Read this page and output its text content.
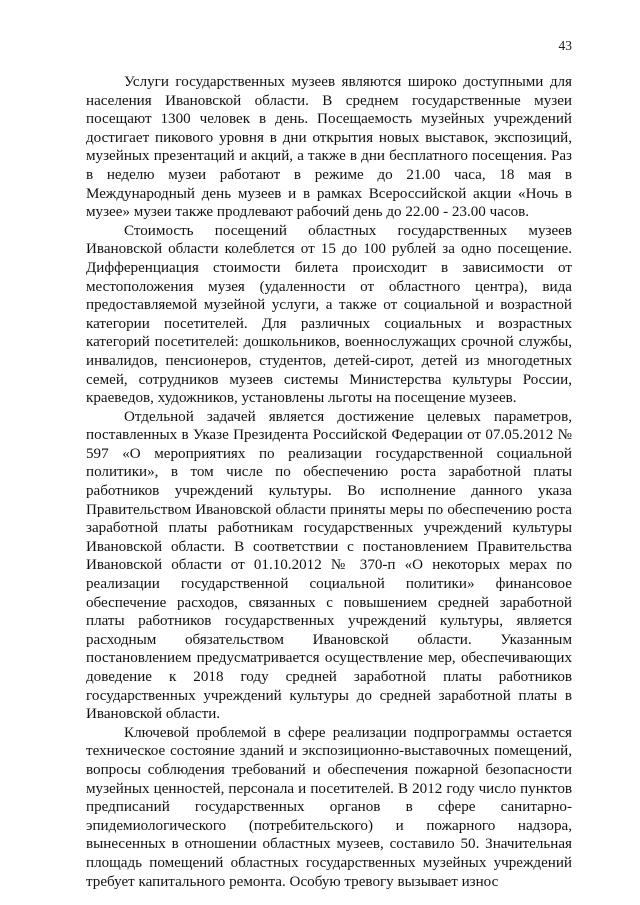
43

Услуги государственных музеев являются широко доступными для населения Ивановской области. В среднем государственные музеи посещают 1300 человек в день. Посещаемость музейных учреждений достигает пикового уровня в дни открытия новых выставок, экспозиций, музейных презентаций и акций, а также в дни бесплатного посещения. Раз в неделю музеи работают в режиме до 21.00 часа, 18 мая в Международный день музеев и в рамках Всероссийской акции «Ночь в музее» музеи также продлевают рабочий день до 22.00 - 23.00 часов.

Стоимость посещений областных государственных музеев Ивановской области колеблется от 15 до 100 рублей за одно посещение. Дифференциация стоимости билета происходит в зависимости от местоположения музея (удаленности от областного центра), вида предоставляемой музейной услуги, а также от социальной и возрастной категории посетителей. Для различных социальных и возрастных категорий посетителей: дошкольников, военнослужащих срочной службы, инвалидов, пенсионеров, студентов, детей-сирот, детей из многодетных семей, сотрудников музеев системы Министерства культуры России, краеведов, художников, установлены льготы на посещение музеев.

Отдельной задачей является достижение целевых параметров, поставленных в Указе Президента Российской Федерации от 07.05.2012 № 597 «О мероприятиях по реализации государственной социальной политики», в том числе по обеспечению роста заработной платы работников учреждений культуры. Во исполнение данного указа Правительством Ивановской области приняты меры по обеспечению роста заработной платы работникам государственных учреждений культуры Ивановской области. В соответствии с постановлением Правительства Ивановской области от 01.10.2012 № 370-п «О некоторых мерах по реализации государственной социальной политики» финансовое обеспечение расходов, связанных с повышением средней заработной платы работников государственных учреждений культуры, является расходным обязательством Ивановской области. Указанным постановлением предусматривается осуществление мер, обеспечивающих доведение к 2018 году средней заработной платы работников государственных учреждений культуры до средней заработной платы в Ивановской области.

Ключевой проблемой в сфере реализации подпрограммы остается техническое состояние зданий и экспозиционно-выставочных помещений, вопросы соблюдения требований и обеспечения пожарной безопасности музейных ценностей, персонала и посетителей. В 2012 году число пунктов предписаний государственных органов в сфере санитарно-эпидемиологического (потребительского) и пожарного надзора, вынесенных в отношении областных музеев, составило 50. Значительная площадь помещений областных государственных музейных учреждений требует капитального ремонта. Особую тревогу вызывает износ
